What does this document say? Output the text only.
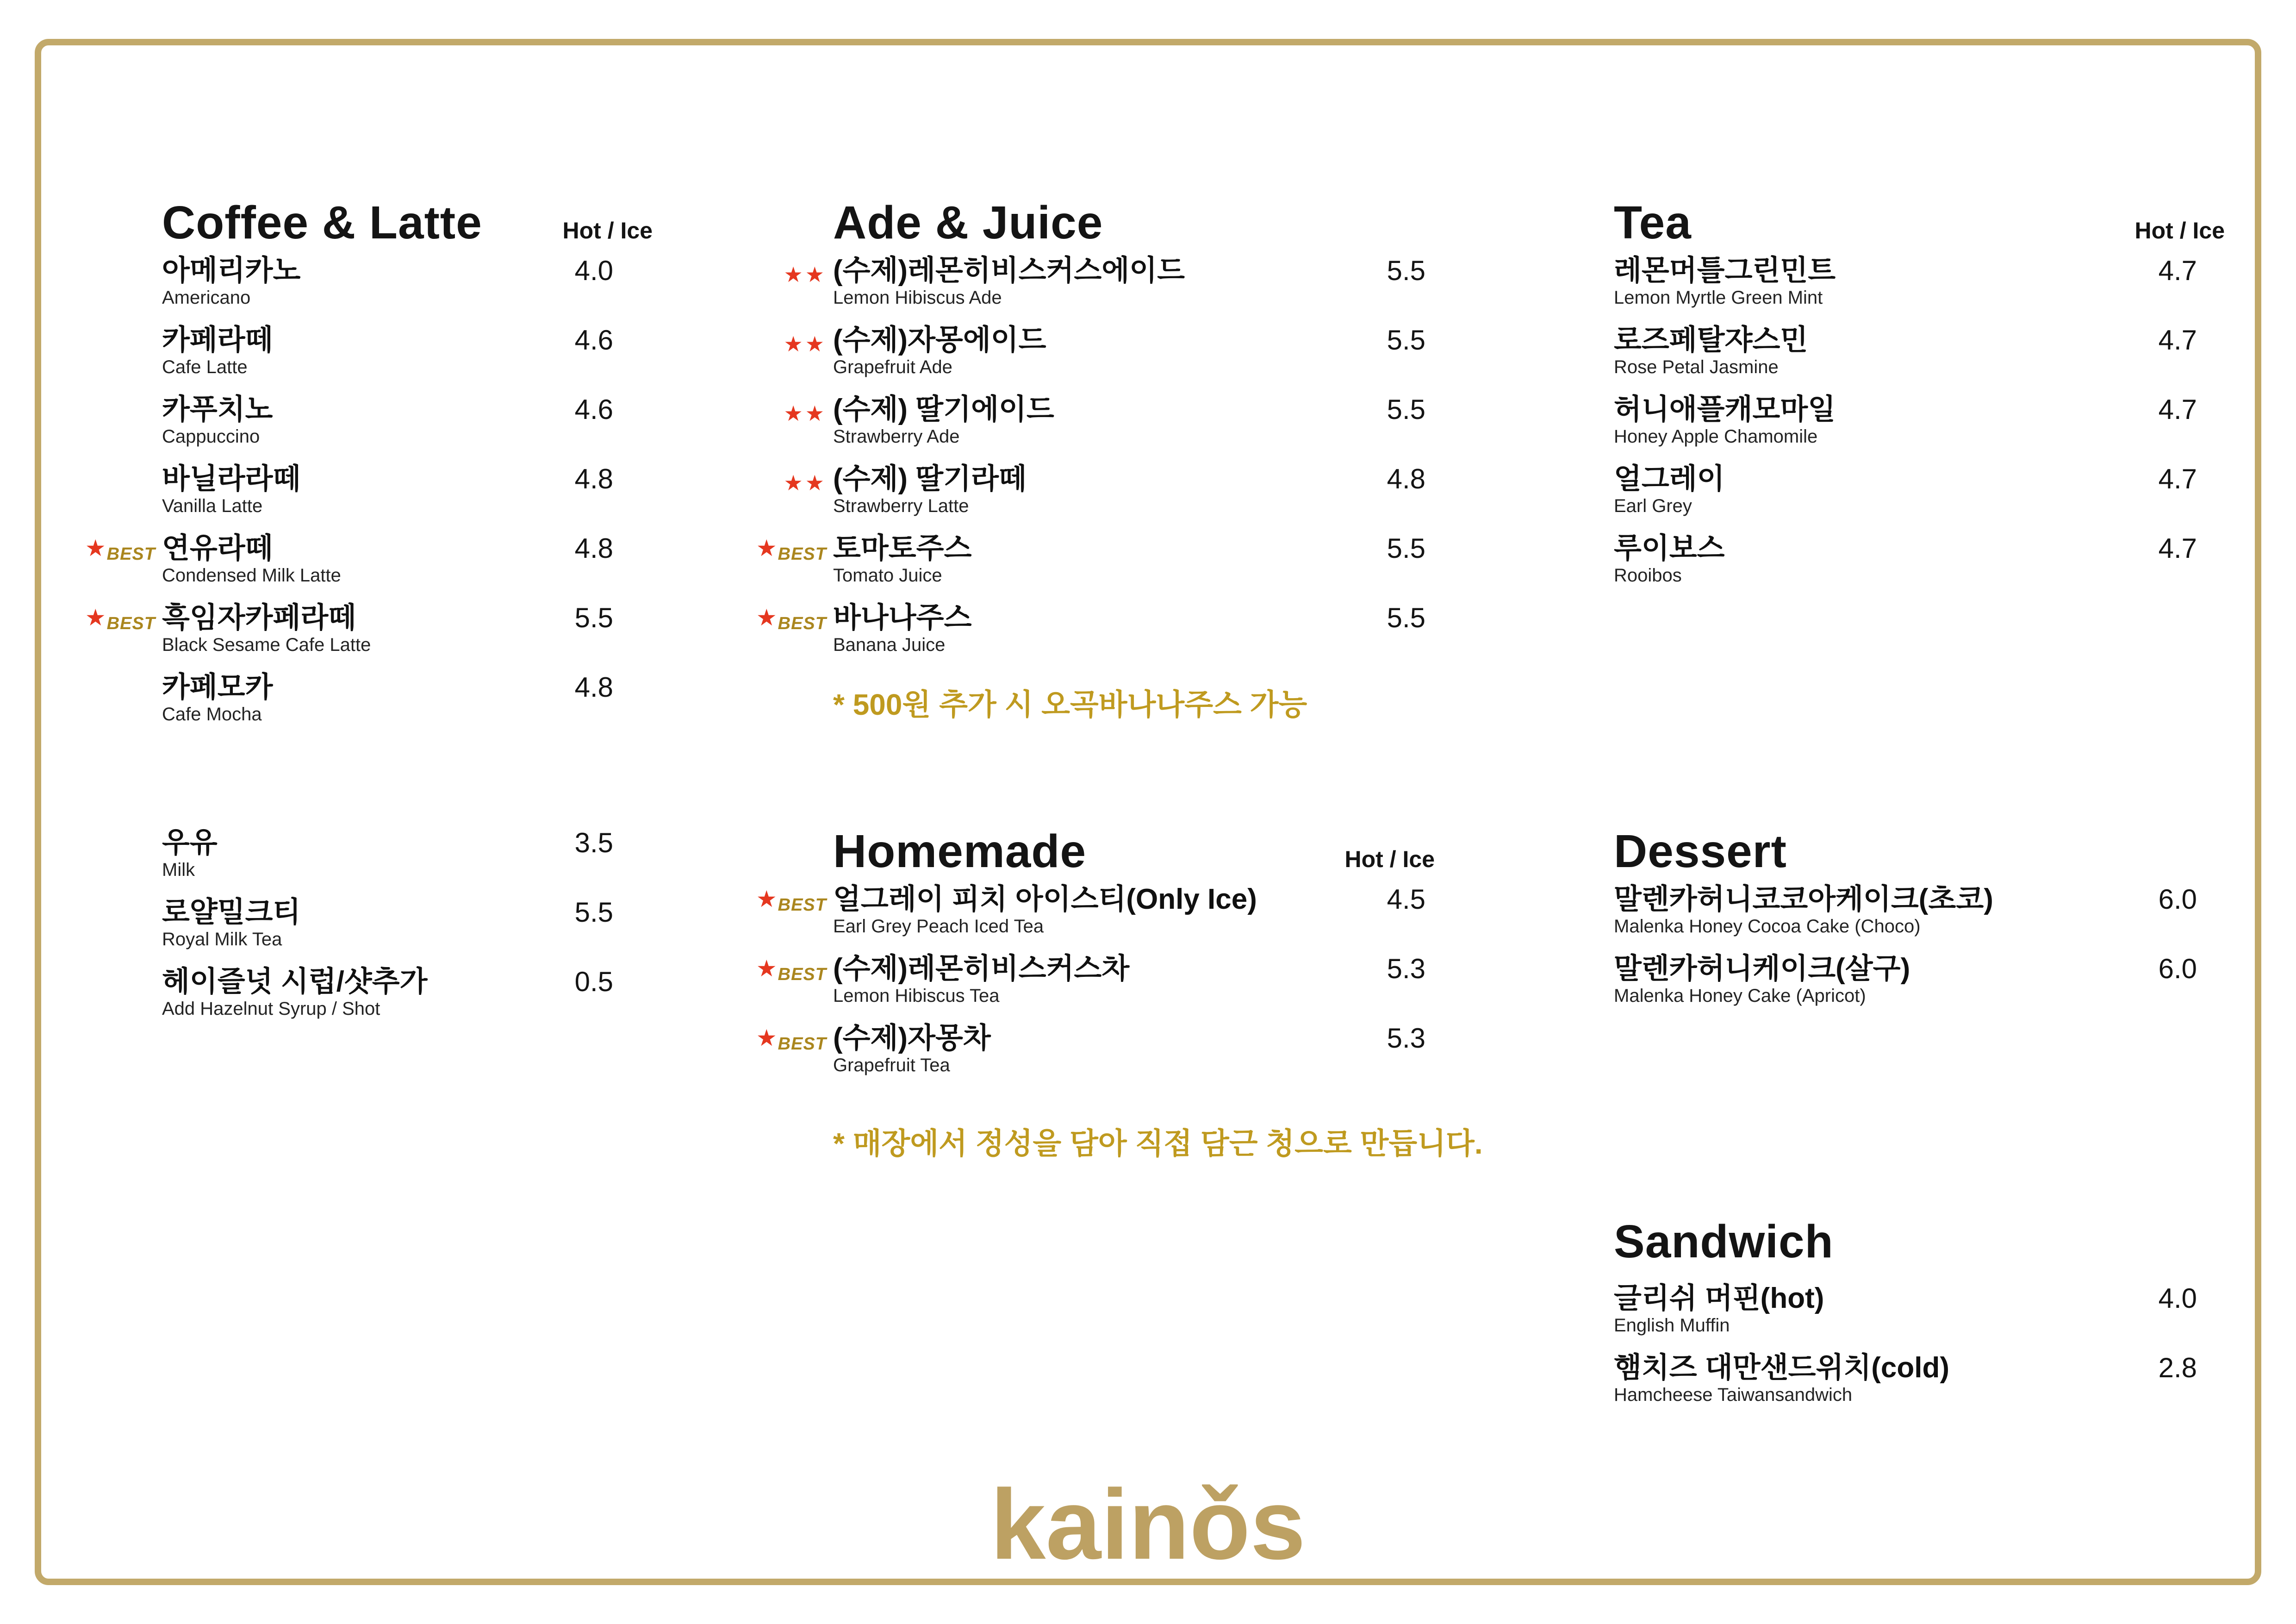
Coffee & Latte	Hot / Ice
아메리카노
Americano
4.0
카페라떼
Cafe Latte
4.6
카푸치노
Cappuccino
4.6
바닐라라떼
Vanilla Latte
4.8
★BEST 연유라떼
Condensed Milk Latte
4.8
★BEST 흑임자카페라떼
Black Sesame Cafe Latte
5.5
카페모카
Cafe Mocha
4.8
우유
Milk
3.5
로얄밀크티
Royal Milk Tea
5.5
헤이즐넛 시럽/샷추가
Add Hazelnut Syrup / Shot
0.5
Ade & Juice
★★ (수제)레몬히비스커스에이드
Lemon Hibiscus Ade
5.5
★★ (수제)자몽에이드
Grapefruit Ade
5.5
★★ (수제) 딸기에이드
Strawberry Ade
5.5
★★ (수제) 딸기라떼
Strawberry Latte
4.8
★BEST 토마토주스
Tomato Juice
5.5
★BEST 바나나주스
Banana Juice
5.5
* 500원 추가 시 오곡바나나주스 가능
Homemade	Hot / Ice
★BEST 얼그레이 피치 아이스티(Only Ice)
Earl Grey Peach Iced Tea
4.5
★BEST (수제)레몬히비스커스차
Lemon Hibiscus Tea
5.3
★BEST (수제)자몽차
Grapefruit Tea
5.3
* 매장에서 정성을 담아 직접 담근 청으로 만듭니다.
Tea	Hot / Ice
레몬머틀그린민트
Lemon Myrtle Green Mint
4.7
로즈페탈쟈스민
Rose Petal Jasmine
4.7
허니애플캐모마일
Honey Apple Chamomile
4.7
얼그레이
Earl Grey
4.7
루이보스
Rooibos
4.7
Dessert
말렌카허니코코아케이크(초코)
Malenka Honey Cocoa Cake (Choco)
6.0
말렌카허니케이크(살구)
Malenka Honey Cake (Apricot)
6.0
Sandwich
글리쉬 머핀(hot)
English Muffin
4.0
햄치즈 대만샌드위치(cold)
Hamcheese Taiwansandwich
2.8
kainǒs
